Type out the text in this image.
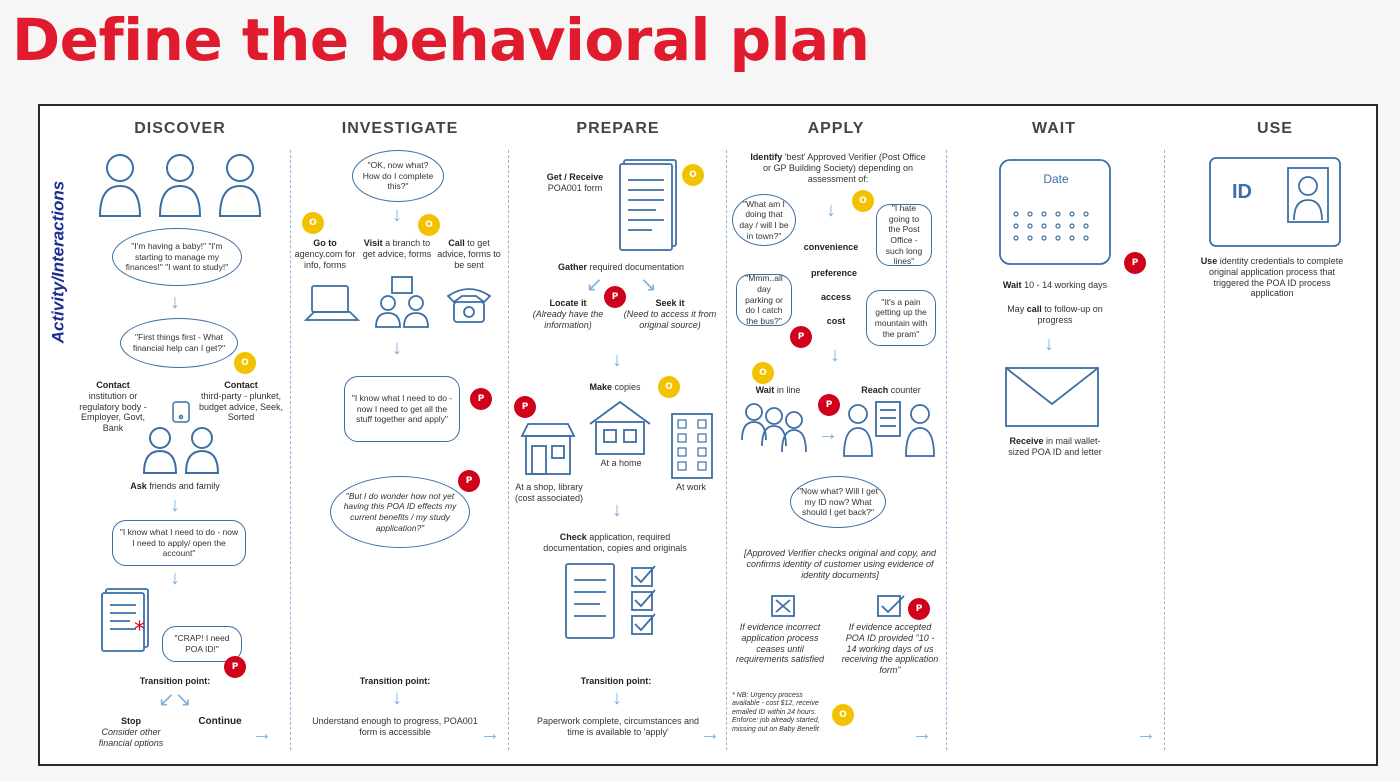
Define the behavioral plan
Activity/Interactions
DISCOVER	INVESTIGATE	PREPARE	APPLY	WAIT	USE
"I'm having a baby!" "I'm starting to manage my finances!" "I want to study!"
↓
"First things first - What financial help can I get?"
O
Contact
institution or regulatory body - Employer, Govt, Bank
Contact
third-party - plunket, budget advice, Seek, Sorted
Ask friends and family
↓
"I know what I need to do - now I need to apply/ open the account"
↓
*	"CRAP! I need POA ID!"
P
Transition point:
↙↘
Stop
Consider other financial options
Continue
→
"OK, now what? How do I complete this?"
↓
O	O
Go to agency.com for info, forms
Visit a branch to get advice, forms
Call to get advice, forms to be sent
↓
"I know what I need to do - now I need to get all the stuff together and apply"
P
P
"But I do wonder how not yet having this POA ID effects my current benefits / my study application?"
Transition point:
↓
Understand enough to progress, POA001 form is accessible	→
Get / Receive
POA001 form
O
Gather required documentation
↙ ↘
P
Locate it
(Already have the information)
Seek it
(Need to access it from original source)
↓
Make copies	O
P
At a home
At a shop, library (cost associated)
At work
↓
Check application, required documentation, copies and originals
Transition point:
↓
Paperwork complete, circumstances and time is available to 'apply'	→
Identify 'best' Approved Verifier (Post Office or GP Building Society) depending on assessment of:
"What am I doing that day / will I be in town?"
↓	O
"I hate going to the Post Office - such long lines"
convenience
preference
access
cost
"Mmm..all day parking or do I catch the bus?"
P
"It's a pain getting up the mountain with the pram"
↓
O
Wait in line	Reach counter
P
→
"Now what? Will I get my ID now? What should I get back?"
[Approved Verifier checks original and copy, and confirms identity of customer using evidence of identity documents]
P
If evidence incorrect application process ceases until requirements satisfied
If evidence accepted POA ID provided "10 - 14 working days of us receiving the application form"
* NB: Urgency process available - cost $12, receive emailed ID within 24 hours. Enforce: job already started, missing out on Baby Benefit
O
→
Date
P
Wait 10 - 14 working days
May call to follow-up on progress
↓
Receive in mail wallet-sized POA ID and letter
→
ID
Use identity credentials to complete original application process that triggered the POA ID process application
